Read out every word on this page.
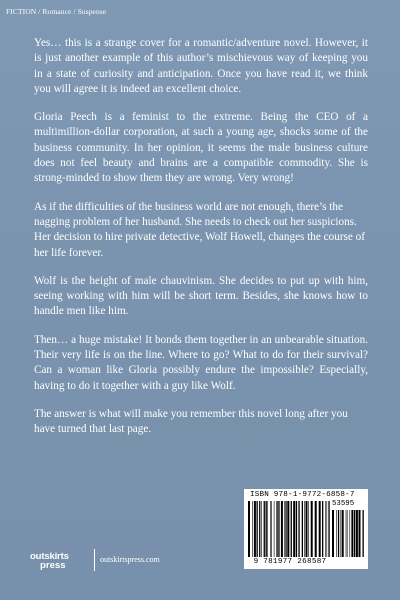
FICTION / Romance / Suspense

Yes… this is a strange cover for a romantic/adventure novel. However, it is just another example of this author’s mischievous way of keeping you in a state of curiosity and anticipation. Once you have read it, we think you will agree it is indeed an excellent choice.

Gloria Peech is a feminist to the extreme. Being the CEO of a multimillion-dollar corporation, at such a young age, shocks some of the business community. In her opinion, it seems the male business culture does not feel beauty and brains are a compatible commodity. She is strong-minded to show them they are wrong. Very wrong!

As if the difficulties of the business world are not enough, there’s the nagging problem of her husband. She needs to check out her suspicions. Her decision to hire private detective, Wolf Howell, changes the course of her life forever.

Wolf is the height of male chauvinism. She decides to put up with him, seeing working with him will be short term. Besides, she knows how to handle men like him.

Then… a huge mistake! It bonds them together in an unbearable situation. Their very life is on the line. Where to go? What to do for their survival? Can a woman like Gloria possibly endure the impossible? Especially, having to do it together with a guy like Wolf.

The answer is what will make you remember this novel long after you have turned that last page.

ISBN 978-1-9772-6858-7
53595
9 781977 268587
outskirts
press
outskirtspress.com
